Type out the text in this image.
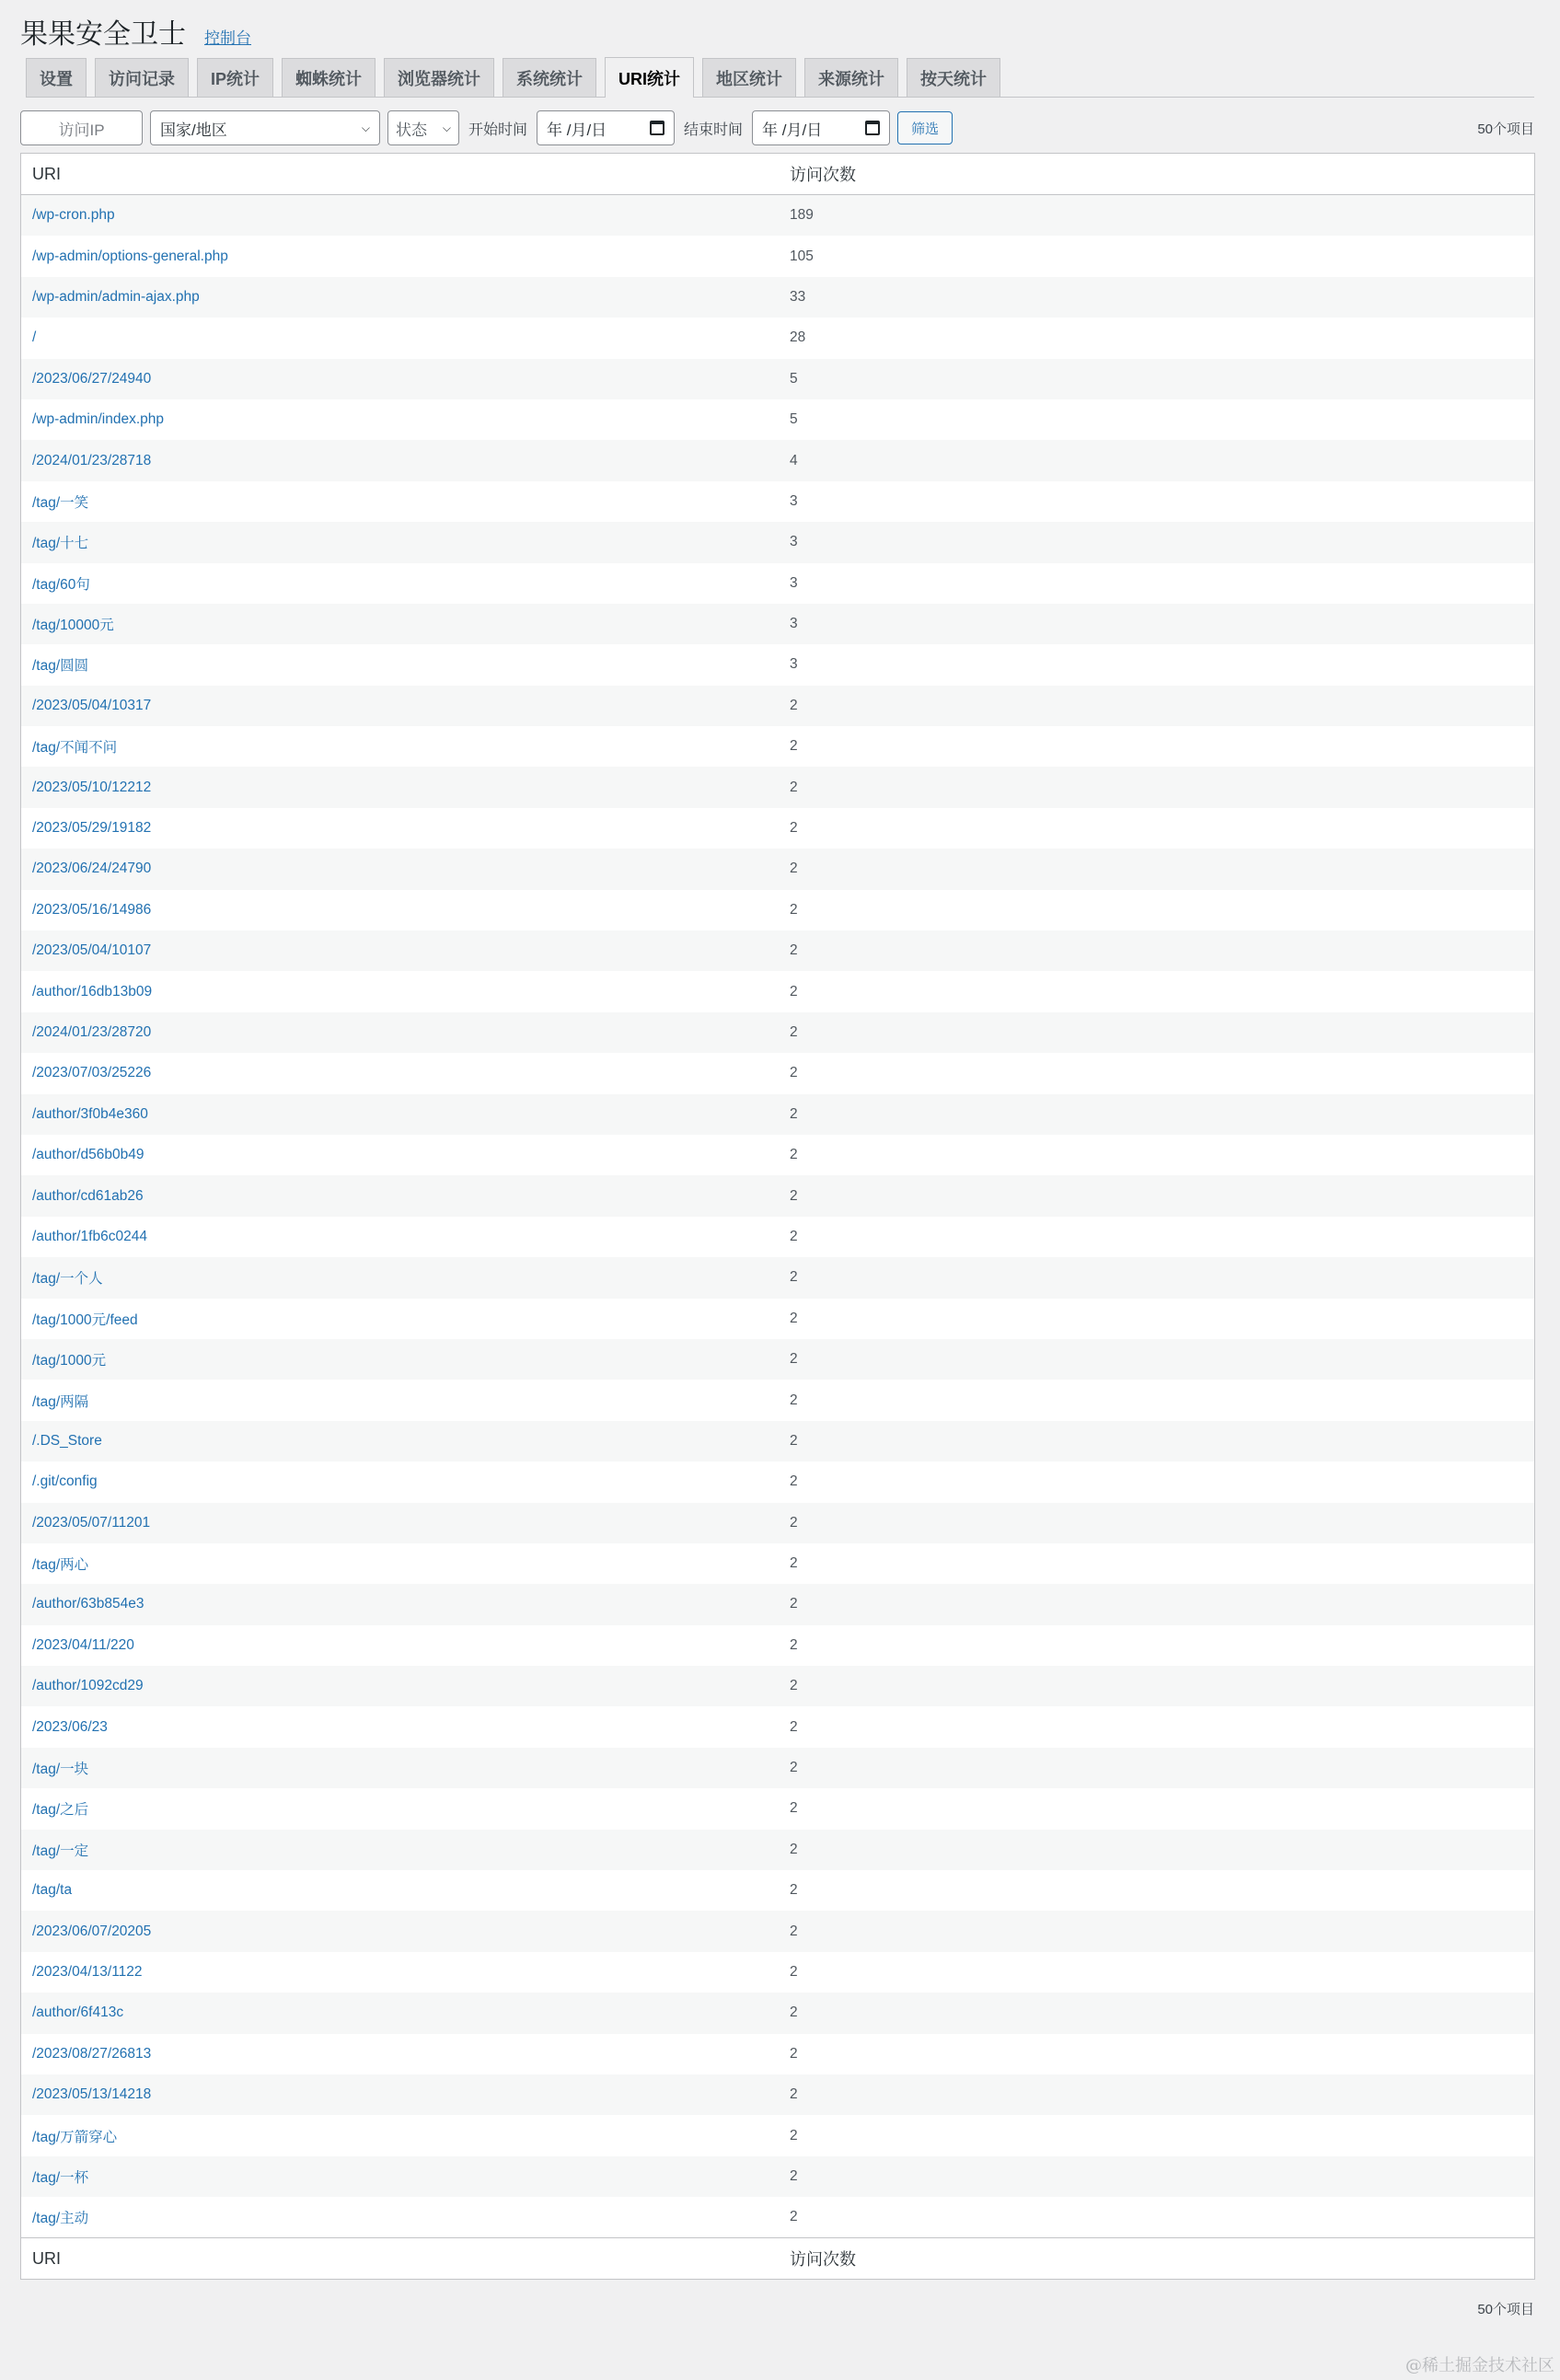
果果安全卫士 控制台
设置	访问记录	IP统计	蜘蛛统计	浏览器统计	系统统计	URI统计	地区统计	来源统计	按天统计
访问IP	国家/地区	⌵ 状态 ⌵ 开始时间 年 /月/日	结束时间 年 /月/日	筛选	50个项目
URI	访问次数
/wp-cron.php	189
/wp-admin/options-general.php	105
/wp-admin/admin-ajax.php	33
/	28
/2023/06/27/24940	5
/wp-admin/index.php	5
/2024/01/23/28718	4
/tag/一笑	3
/tag/十七	3
/tag/60句	3
/tag/10000元	3
/tag/圆圆	3
/2023/05/04/10317	2
/tag/不闻不问	2
/2023/05/10/12212	2
/2023/05/29/19182	2
/2023/06/24/24790	2
/2023/05/16/14986	2
/2023/05/04/10107	2
/author/16db13b09	2
/2024/01/23/28720	2
/2023/07/03/25226	2
/author/3f0b4e360	2
/author/d56b0b49	2
/author/cd61ab26	2
/author/1fb6c0244	2
/tag/一个人	2
/tag/1000元/feed	2
/tag/1000元	2
/tag/两隔	2
/.DS_Store	2
/.git/config	2
/2023/05/07/11201	2
/tag/两心	2
/author/63b854e3	2
/2023/04/11/220	2
/author/1092cd29	2
/2023/06/23	2
/tag/一块	2
/tag/之后	2
/tag/一定	2
/tag/ta	2
/2023/06/07/20205	2
/2023/04/13/1122	2
/author/6f413c	2
/2023/08/27/26813	2
/2023/05/13/14218	2
/tag/万箭穿心	2
/tag/一杯	2
/tag/主动	2
URI	访问次数
50个项目
@稀土掘金技术社区
